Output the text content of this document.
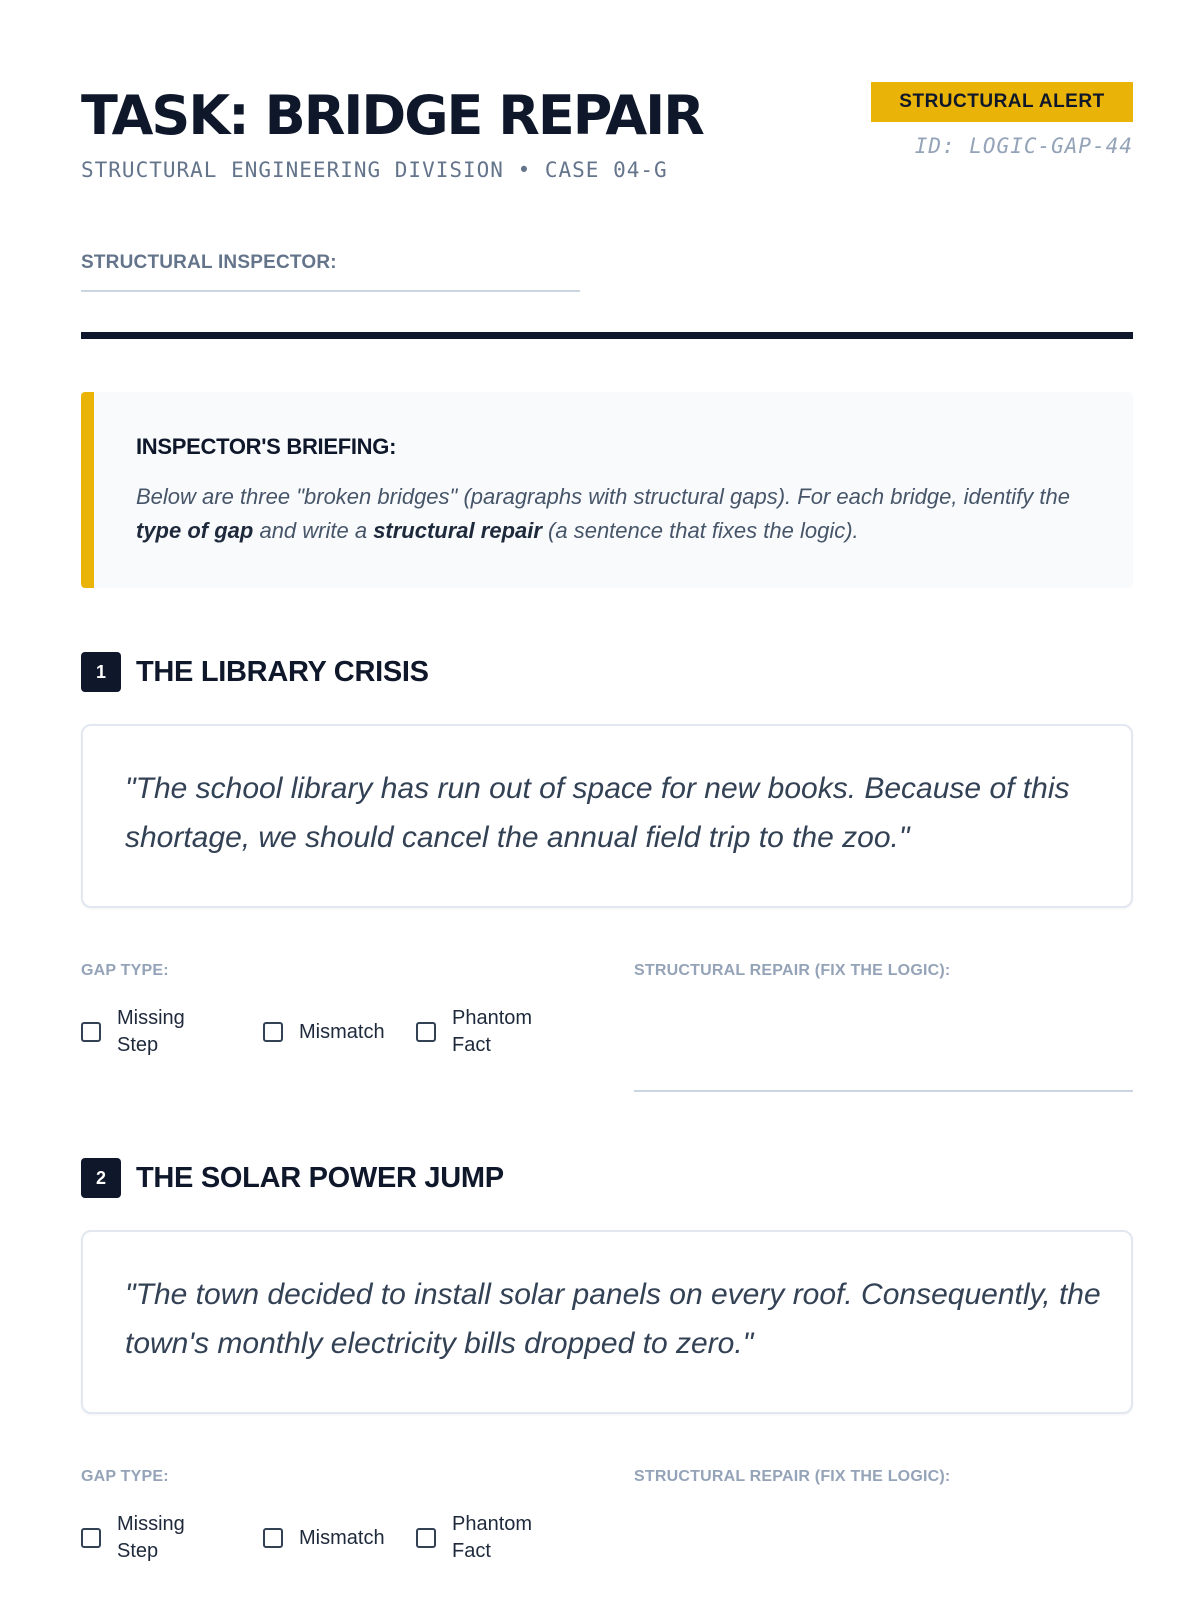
TASK: BRIDGE REPAIR
STRUCTURAL ENGINEERING DIVISION • CASE 04-G
STRUCTURAL ALERT
ID: LOGIC-GAP-44
STRUCTURAL INSPECTOR:
INSPECTOR'S BRIEFING:
Below are three "broken bridges" (paragraphs with structural gaps). For each bridge, identify the type of gap and write a structural repair (a sentence that fixes the logic).
1	THE LIBRARY CRISIS
"The school library has run out of space for new books. Because of this shortage, we should cancel the annual field trip to the zoo."
GAP TYPE:
Missing Step
Mismatch
Phantom Fact
STRUCTURAL REPAIR (FIX THE LOGIC):
2	THE SOLAR POWER JUMP
"The town decided to install solar panels on every roof. Consequently, the town's monthly electricity bills dropped to zero."
GAP TYPE:
Missing Step
Mismatch
Phantom Fact
STRUCTURAL REPAIR (FIX THE LOGIC):
